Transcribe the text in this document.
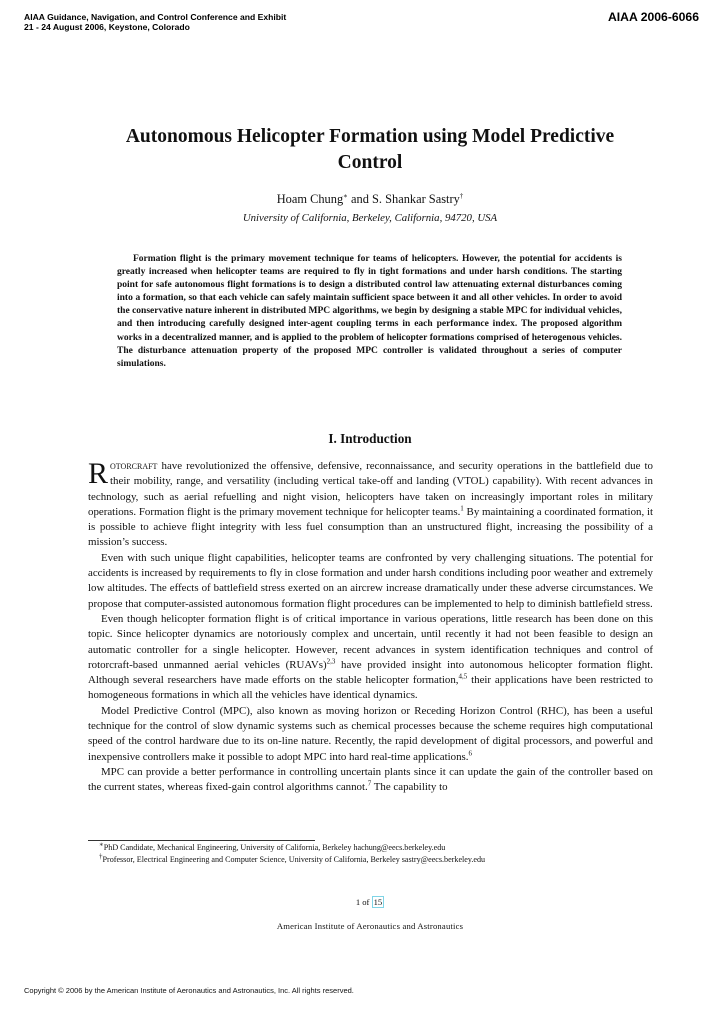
AIAA Guidance, Navigation, and Control Conference and Exhibit
21 - 24 August 2006, Keystone, Colorado
AIAA 2006-6066
Autonomous Helicopter Formation using Model Predictive Control
Hoam Chung∗ and S. Shankar Sastry†
University of California, Berkeley, California, 94720, USA

Formation flight is the primary movement technique for teams of helicopters. However, the potential for accidents is greatly increased when helicopter teams are required to fly in tight formations and under harsh conditions. The starting point for safe autonomous flight formations is to design a distributed control law attenuating external disturbances coming into a formation, so that each vehicle can safely maintain sufficient space between it and all other vehicles. In order to avoid the conservative nature inherent in distributed MPC algorithms, we begin by designing a stable MPC for individual vehicles, and then introducing carefully designed inter-agent coupling terms in each performance index. The proposed algorithm works in a decentralized manner, and is applied to the problem of helicopter formations comprised of heterogenous vehicles. The disturbance attenuation property of the proposed MPC controller is validated throughout a series of computer simulations.

I. Introduction

Rotorcraft have revolutionized the offensive, defensive, reconnaissance, and security operations in the battlefield due to their mobility, range, and versatility (including vertical take-off and landing (VTOL) capability). With recent advances in technology, such as aerial refuelling and night vision, helicopters have taken on increasingly important roles in military operations. Formation flight is the primary movement technique for helicopter teams.$^1$ By maintaining a coordinated formation, it is possible to achieve flight integrity with less fuel consumption than an unstructured flight, increasing the possibility of a mission’s success.

Even with such unique flight capabilities, helicopter teams are confronted by very challenging situations. The potential for accidents is increased by requirements to fly in close formation and under harsh conditions including poor weather and extremely low altitudes. The effects of battlefield stress exerted on an aircrew increase dramatically under these adverse circumstances. We propose that computer-assisted autonomous formation flight procedures can be implemented to help to diminish battlefield stress.

Even though helicopter formation flight is of critical importance in various operations, little research has been done on this topic. Since helicopter dynamics are notoriously complex and uncertain, until recently it had not been feasible to design an automatic controller for a single helicopter. However, recent advances in system identification techniques and control of rotorcraft-based unmanned aerial vehicles (RUAVs)$^{2,3}$ have provided insight into autonomous helicopter formation flight. Although several researchers have made efforts on the stable helicopter formation,$^{4,5}$ their applications have been restricted to homogeneous formations in which all the vehicles have identical dynamics.

Model Predictive Control (MPC), also known as moving horizon or Receding Horizon Control (RHC), has been a useful technique for the control of slow dynamic systems such as chemical processes because the scheme requires high computational speed of the control hardware due to its on-line nature. Recently, the rapid development of digital processors, and powerful and inexpensive controllers make it possible to adopt MPC into hard real-time applications.$^6$

MPC can provide a better performance in controlling uncertain plants since it can update the gain of the controller based on the current states, whereas fixed-gain control algorithms cannot.$^7$ The capability to

∗PhD Candidate, Mechanical Engineering, University of California, Berkeley hachung@eecs.berkeley.edu
†Professor, Electrical Engineering and Computer Science, University of California, Berkeley sastry@eecs.berkeley.edu
1 of 15
American Institute of Aeronautics and Astronautics
Copyright © 2006 by the American Institute of Aeronautics and Astronautics, Inc. All rights reserved.
